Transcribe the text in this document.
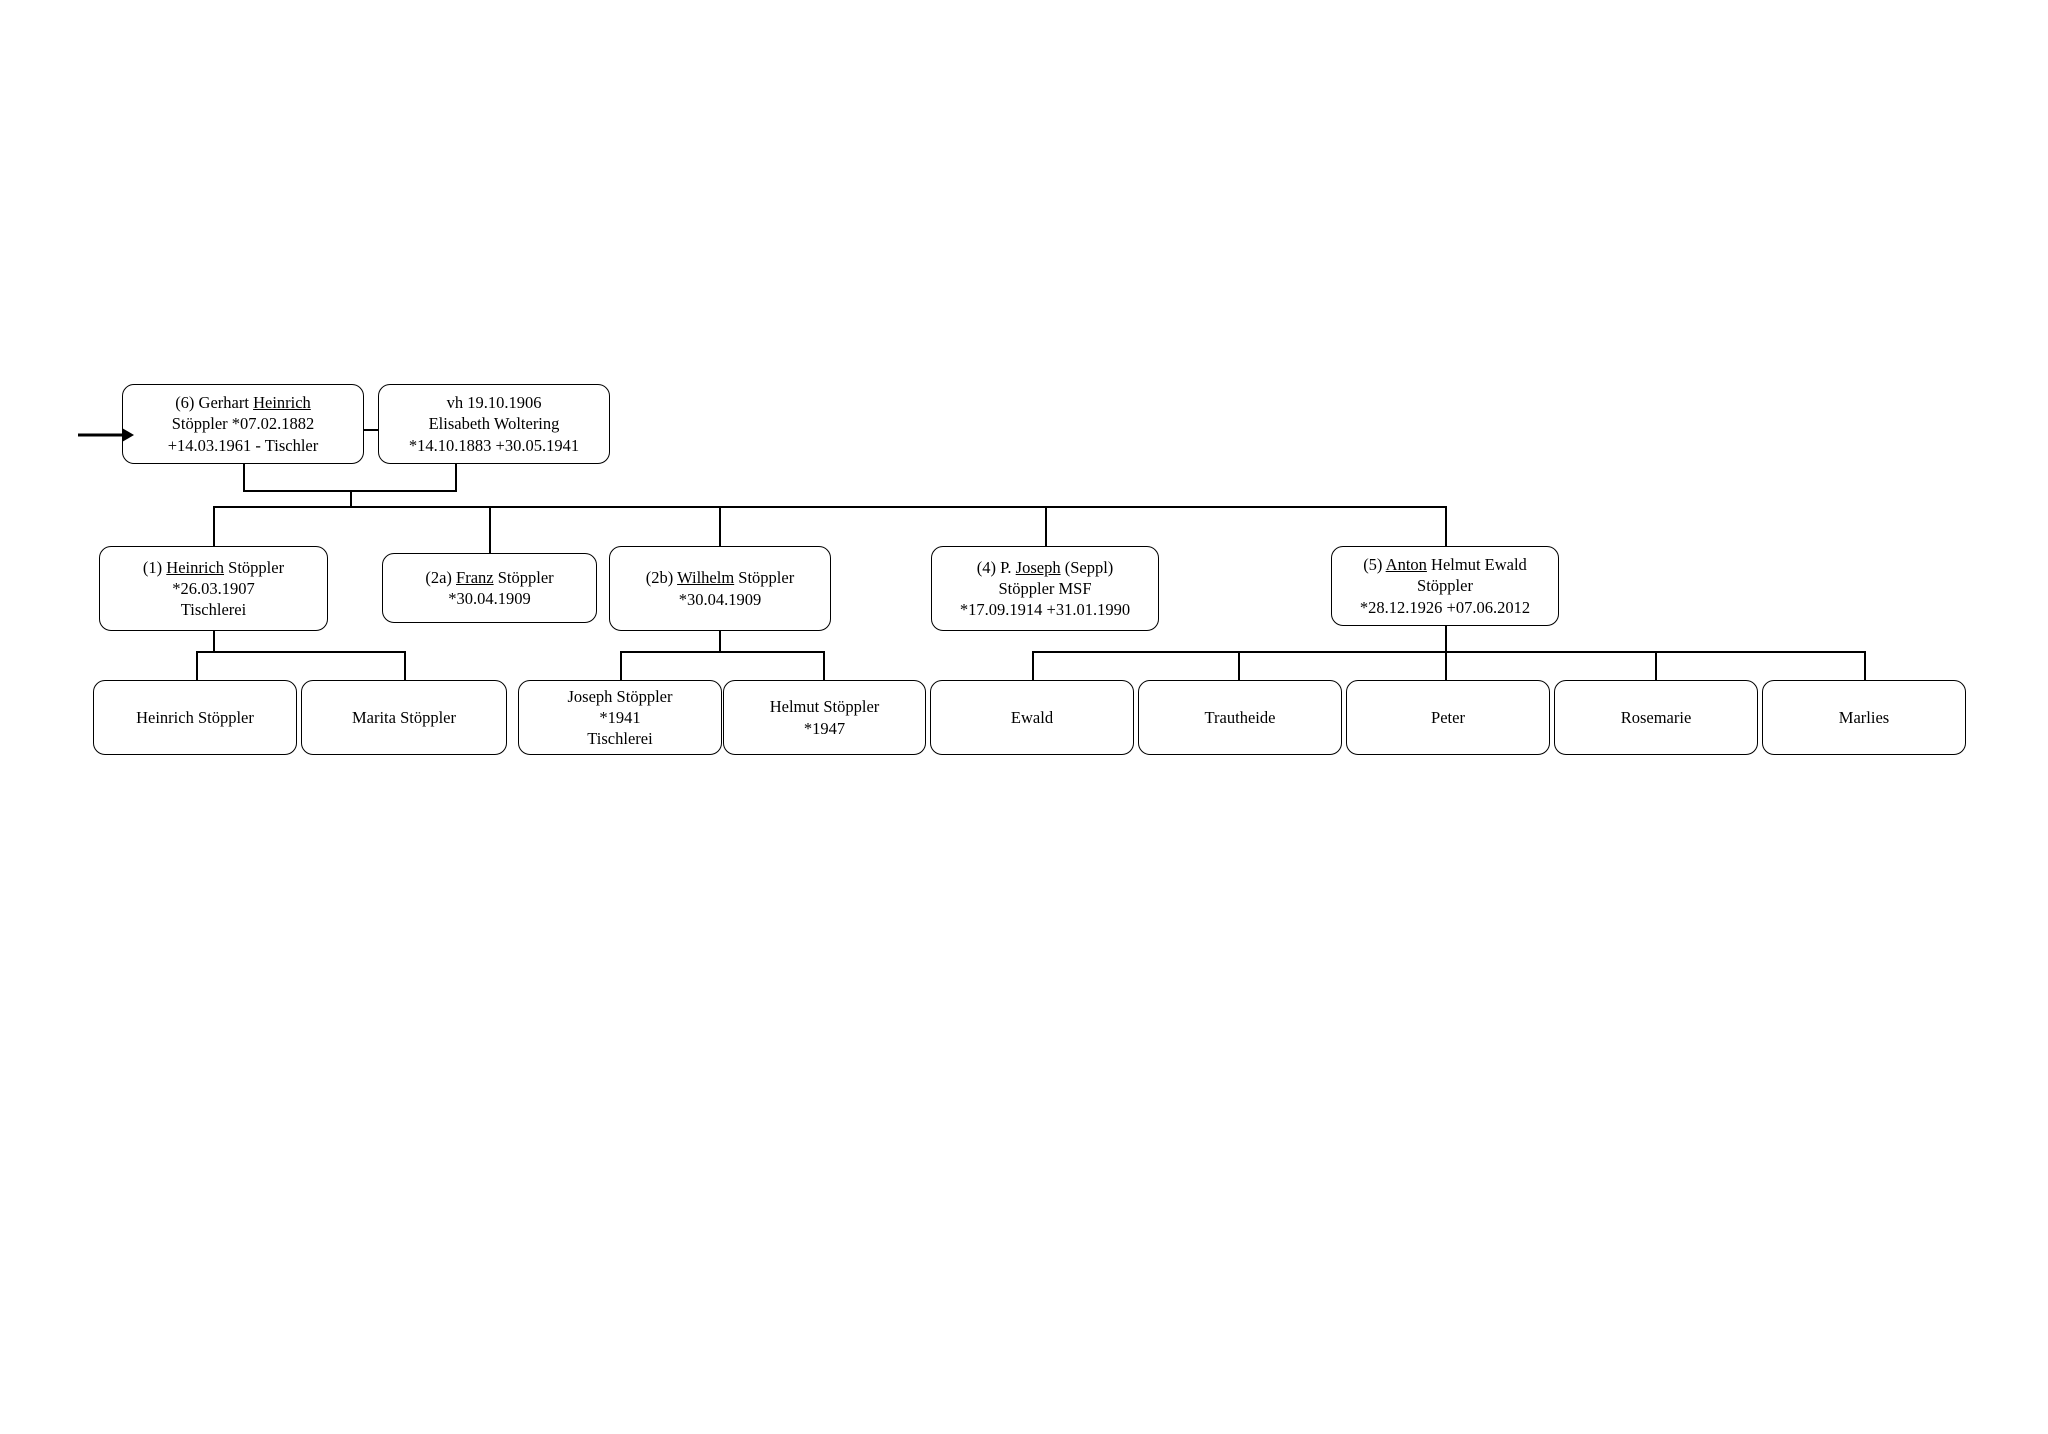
(6) Gerhart Heinrich
Stöppler *07.02.1882
+14.03.1961 - Tischler
vh 19.10.1906
Elisabeth Woltering
*14.10.1883 +30.05.1941
(1) Heinrich Stöppler
*26.03.1907
Tischlerei
(2a) Franz Stöppler
*30.04.1909
(2b) Wilhelm Stöppler
*30.04.1909
(4) P. Joseph (Seppl)
Stöppler MSF
*17.09.1914 +31.01.1990
(5) Anton Helmut Ewald
Stöppler
*28.12.1926 +07.06.2012
Heinrich Stöppler	Marita Stöppler
Joseph Stöppler
*1941
Tischlerei
Helmut Stöppler
*1947
Ewald	Trautheide	Peter	Rosemarie	Marlies
